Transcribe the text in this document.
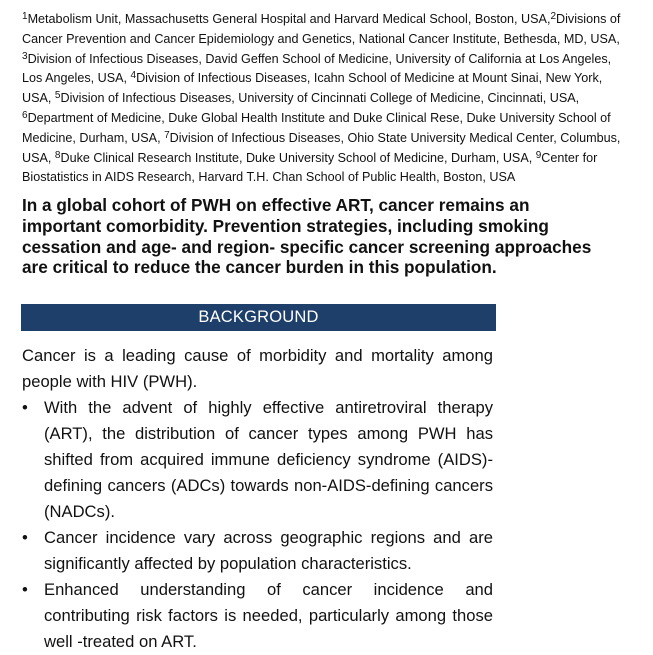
$^1$Metabolism Unit, Massachusetts General Hospital and Harvard Medical School, Boston, USA,$^2$Divisions of Cancer Prevention and Cancer Epidemiology and Genetics, National Cancer Institute, Bethesda, MD, USA, $^3$Division of Infectious Diseases, David Geffen School of Medicine, University of California at Los Angeles, Los Angeles, USA, $^4$Division of Infectious Diseases, Icahn School of Medicine at Mount Sinai, New York, USA, $^5$Division of Infectious Diseases, University of Cincinnati College of Medicine, Cincinnati, USA, $^6$Department of Medicine, Duke Global Health Institute and Duke Clinical Rese, Duke University School of Medicine, Durham, USA, $^7$Division of Infectious Diseases, Ohio State University Medical Center, Columbus, USA, $^8$Duke Clinical Research Institute, Duke University School of Medicine, Durham, USA, $^9$Center for Biostatistics in AIDS Research, Harvard T.H. Chan School of Public Health, Boston, USA
In a global cohort of PWH on effective ART, cancer remains an important comorbidity. Prevention strategies, including smoking cessation and age- and region- specific cancer screening approaches are critical to reduce the cancer burden in this population.
BACKGROUND

Cancer is a leading cause of morbidity and mortality among people with HIV (PWH).

• With the advent of highly effective antiretroviral therapy (ART), the distribution of cancer types among PWH has shifted from acquired immune deficiency syndrome (AIDS)-defining cancers (ADCs) towards non-AIDS-defining cancers (NADCs).
• Cancer incidence vary across geographic regions and are significantly affected by population characteristics.
• Enhanced understanding of cancer incidence and contributing risk factors is needed, particularly among those well -treated on ART.
